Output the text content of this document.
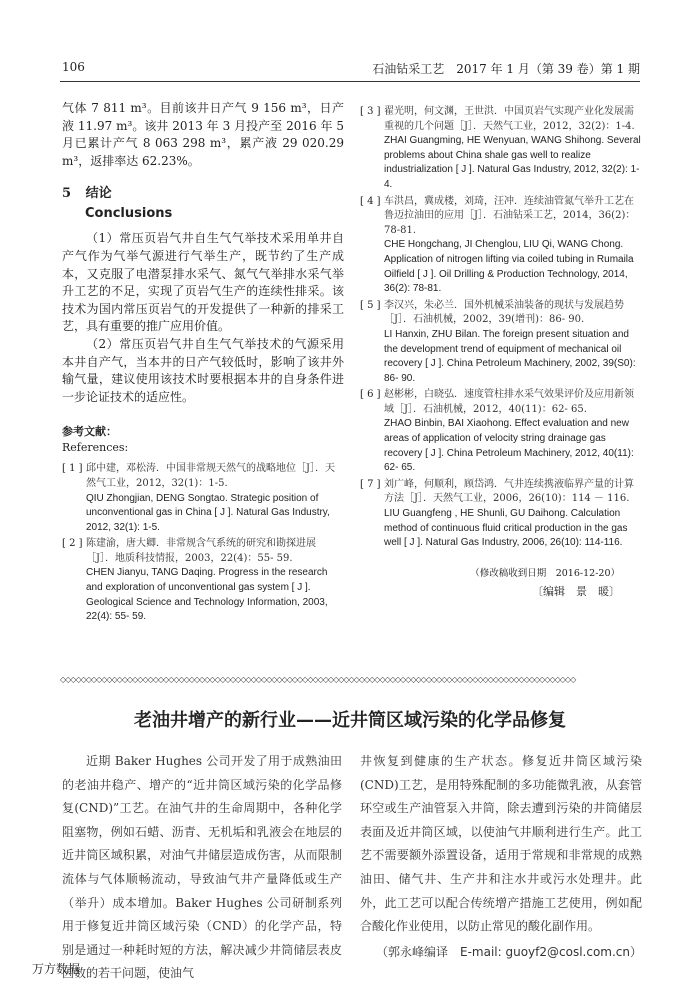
106	石油钻采工艺　2017 年 1 月（第 39 卷）第 1 期

气体 7 811 m³。目前该井日产气 9 156 m³，日产液 11.97 m³。该井 2013 年 3 月投产至 2016 年 5 月已累计产气 8 063 298 m³，累产液 29 020.29 m³，返排率达 62.23%。

5 结论
Conclusions

（1）常压页岩气井自生气气举技术采用单井自产气作为气举气源进行气举生产，既节约了生产成本，又克服了电潜泵排水采气、氮气气举排水采气举升工艺的不足，实现了页岩气生产的连续性排采。该技术为国内常压页岩气的开发提供了一种新的排采工艺，具有重要的推广应用价值。

（2）常压页岩气井自生气气举技术的气源采用本井自产气，当本井的日产气较低时，影响了该井外输气量，建议使用该技术时要根据本井的自身条件进一步论证技术的适应性。

参考文献：
References:
[ 1 ] 邱中建，邓松涛．中国非常规天然气的战略地位［J］．天然气工业，2012，32(1)：1-5.
QIU Zhongjian, DENG Songtao. Strategic position of unconventional gas in China [ J ]. Natural Gas Industry, 2012, 32(1): 1-5.
[ 2 ] 陈建渝，唐大卿．非常规含气系统的研究和勘探进展［J］．地质科技情报，2003，22(4)：55- 59.
CHEN Jianyu, TANG Daqing. Progress in the research and exploration of unconventional gas system [ J ]. Geological Science and Technology Information, 2003, 22(4): 55- 59.
[ 3 ] 翟光明，何文渊，王世洪．中国页岩气实现产业化发展需重视的几个问题［J］．天然气工业，2012，32(2)：1-4.
ZHAI Guangming, HE Wenyuan, WANG Shihong. Several problems about China shale gas well to realize industrialization [ J ]. Natural Gas Industry, 2012, 32(2): 1-4.
[ 4 ] 车洪昌，冀成楼，刘琦，汪冲．连续油管氮气举升工艺在鲁迈拉油田的应用［J］．石油钻采工艺，2014，36(2)：78-81.
CHE Hongchang, JI Chenglou, LIU Qi, WANG Chong. Application of nitrogen lifting via coiled tubing in Rumaila Oilfield [ J ]. Oil Drilling & Production Technology, 2014, 36(2): 78-81.
[ 5 ] 李汉兴，朱必兰．国外机械采油装备的现状与发展趋势［J］．石油机械，2002，39(增刊)：86- 90.
LI Hanxin, ZHU Bilan. The foreign present situation and the development trend of equipment of mechanical oil recovery [ J ]. China Petroleum Machinery, 2002, 39(S0): 86- 90.
[ 6 ] 赵彬彬，白晓弘．速度管柱排水采气效果评价及应用新领域［J］．石油机械，2012，40(11)：62- 65.
ZHAO Binbin, BAI Xiaohong. Effect evaluation and new areas of application of velocity string drainage gas recovery [ J ]. China Petroleum Machinery, 2012, 40(11): 62- 65.
[ 7 ] 刘广峰，何顺利，顾岱鸿．气井连续携液临界产量的计算方法［J］．天然气工业，2006，26(10)：114 － 116.
LIU Guangfeng , HE Shunli, GU Daihong. Calculation method of continuous fluid critical production in the gas well [ J ]. Natural Gas Industry, 2006, 26(10): 114-116.
（修改稿收到日期　2016-12-20）
〔编辑　景　暖〕
◇◇◇◇◇◇◇◇◇◇◇◇◇◇◇◇◇◇◇◇◇◇◇◇◇◇◇◇◇◇◇◇◇◇◇◇◇◇◇◇◇◇◇◇◇◇◇◇◇◇◇◇◇◇◇◇◇◇◇◇◇◇◇◇◇◇◇◇◇◇◇◇◇◇◇◇◇◇◇◇◇◇◇◇◇◇◇◇◇◇◇◇◇◇◇◇◇◇◇◇
老油井增产的新行业——近井筒区域污染的化学品修复

近期 Baker Hughes 公司开发了用于成熟油田的老油井稳产、增产的“近井筒区域污染的化学品修复(CND)”工艺。在油气井的生命周期中，各种化学阻塞物，例如石蜡、沥青、无机垢和乳液会在地层的近井筒区域积累，对油气井储层造成伤害，从而限制流体与气体顺畅流动，导致油气井产量降低或生产（举升）成本增加。Baker Hughes 公司研制系列用于修复近井筒区域污染（CND）的化学产品，特别是通过一种耗时短的方法，解决减少井筒储层表皮因数的若干问题，使油气

井恢复到健康的生产状态。修复近井筒区域污染(CND)工艺，是用特殊配制的多功能微乳液，从套管环空或生产油管泵入井筒，除去遭到污染的井筒储层表面及近井筒区域，以使油气井顺利进行生产。此工艺不需要额外添置设备，适用于常规和非常规的成熟油田、储气井、生产井和注水井或污水处理井。此外，此工艺可以配合传统增产措施工艺使用，例如配合酸化作业使用，以防止常见的酸化副作用。

（郭永峰编译　E-mail: guoyf2@cosl.com.cn）
万方数据
